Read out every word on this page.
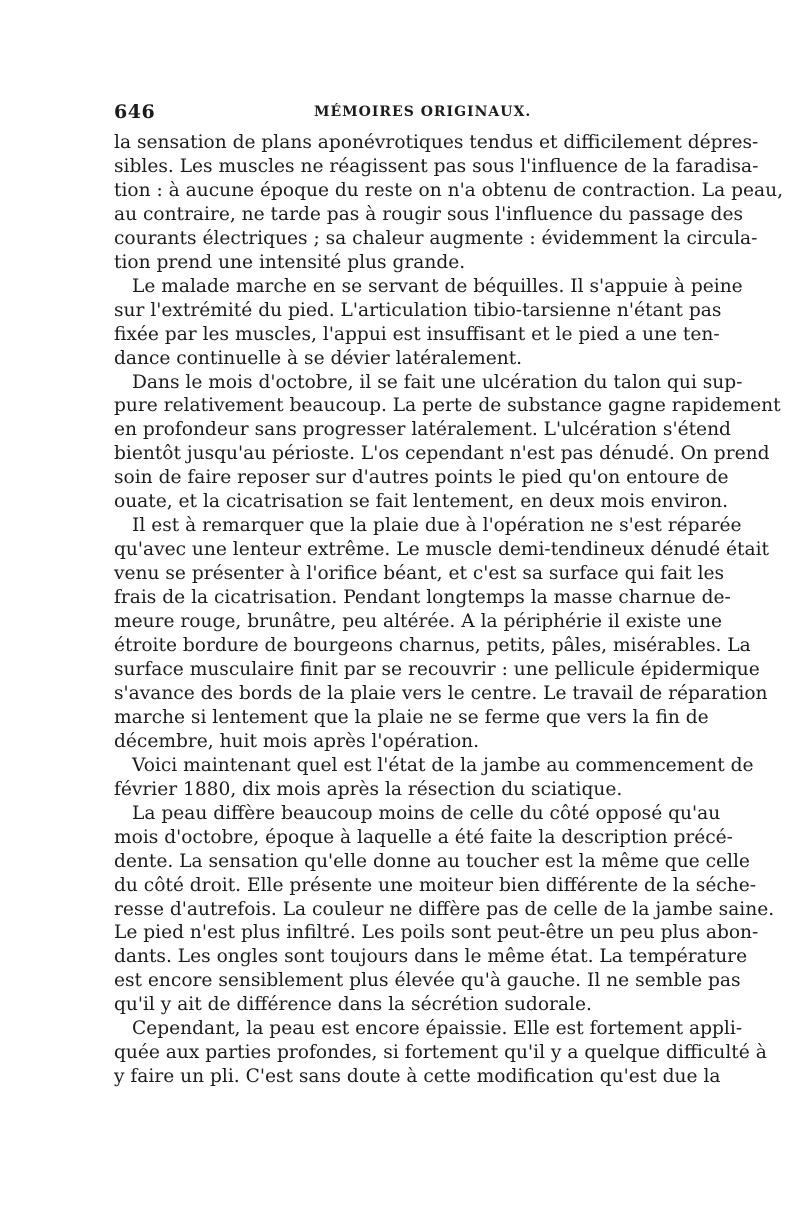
646	MÉMOIRES ORIGINAUX.
la sensation de plans aponévrotiques tendus et difficilement dépres-
sibles. Les muscles ne réagissent pas sous l'influence de la faradisa-
tion : à aucune époque du reste on n'a obtenu de contraction. La peau,
au contraire, ne tarde pas à rougir sous l'influence du passage des
courants électriques ; sa chaleur augmente : évidemment la circula-
tion prend une intensité plus grande.
Le malade marche en se servant de béquilles. Il s'appuie à peine
sur l'extrémité du pied. L'articulation tibio-tarsienne n'étant pas
fixée par les muscles, l'appui est insuffisant et le pied a une ten-
dance continuelle à se dévier latéralement.
Dans le mois d'octobre, il se fait une ulcération du talon qui sup-
pure relativement beaucoup. La perte de substance gagne rapidement
en profondeur sans progresser latéralement. L'ulcération s'étend
bientôt jusqu'au périoste. L'os cependant n'est pas dénudé. On prend
soin de faire reposer sur d'autres points le pied qu'on entoure de
ouate, et la cicatrisation se fait lentement, en deux mois environ.
Il est à remarquer que la plaie due à l'opération ne s'est réparée
qu'avec une lenteur extrême. Le muscle demi-tendineux dénudé était
venu se présenter à l'orifice béant, et c'est sa surface qui fait les
frais de la cicatrisation. Pendant longtemps la masse charnue de-
meure rouge, brunâtre, peu altérée. A la périphérie il existe une
étroite bordure de bourgeons charnus, petits, pâles, misérables. La
surface musculaire finit par se recouvrir : une pellicule épidermique
s'avance des bords de la plaie vers le centre. Le travail de réparation
marche si lentement que la plaie ne se ferme que vers la fin de
décembre, huit mois après l'opération.
Voici maintenant quel est l'état de la jambe au commencement de
février 1880, dix mois après la résection du sciatique.
La peau diffère beaucoup moins de celle du côté opposé qu'au
mois d'octobre, époque à laquelle a été faite la description précé-
dente. La sensation qu'elle donne au toucher est la même que celle
du côté droit. Elle présente une moiteur bien différente de la séche-
resse d'autrefois. La couleur ne diffère pas de celle de la jambe saine.
Le pied n'est plus infiltré. Les poils sont peut-être un peu plus abon-
dants. Les ongles sont toujours dans le même état. La température
est encore sensiblement plus élevée qu'à gauche. Il ne semble pas
qu'il y ait de différence dans la sécrétion sudorale.
Cependant, la peau est encore épaissie. Elle est fortement appli-
quée aux parties profondes, si fortement qu'il y a quelque difficulté à
y faire un pli. C'est sans doute à cette modification qu'est due la
